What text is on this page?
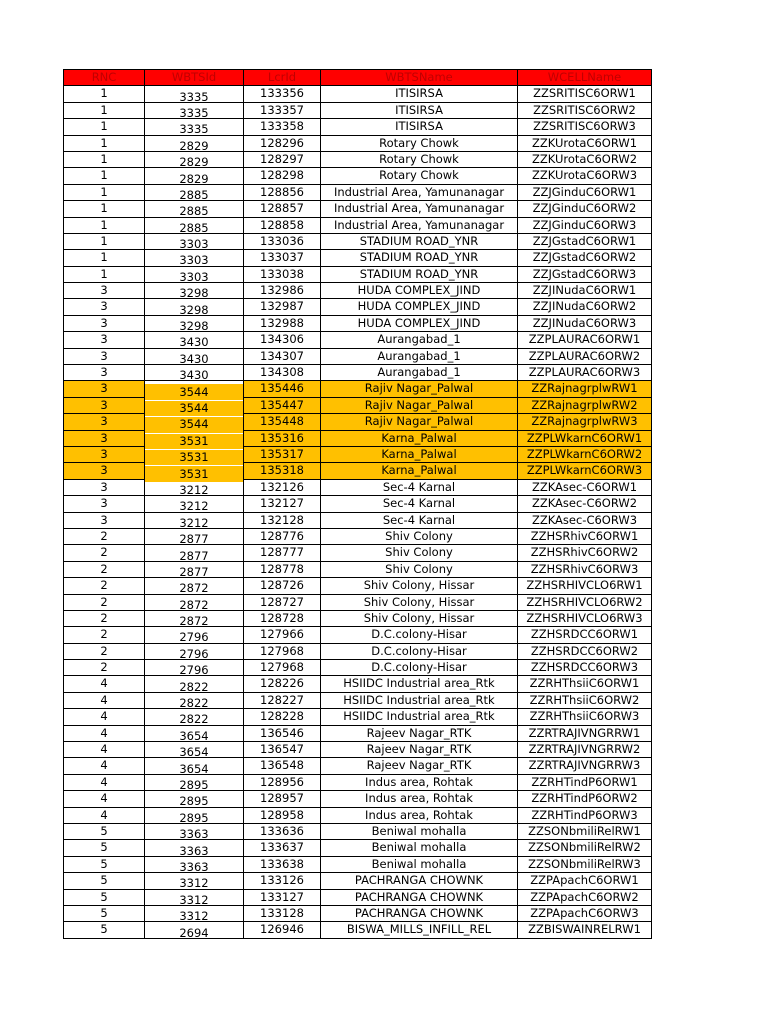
RNC	WBTSId	LcrId	WBTSName	WCELLName
1	3335	133356	ITISIRSA	ZZSRITISC6ORW1
1	3335	133357	ITISIRSA	ZZSRITISC6ORW2
1	3335	133358	ITISIRSA	ZZSRITISC6ORW3
1	2829	128296	Rotary Chowk	ZZKUrotaC6ORW1
1	2829	128297	Rotary Chowk	ZZKUrotaC6ORW2
1	2829	128298	Rotary Chowk	ZZKUrotaC6ORW3
1	2885	128856	Industrial Area, Yamunanagar	ZZJGinduC6ORW1
1	2885	128857	Industrial Area, Yamunanagar	ZZJGinduC6ORW2
1	2885	128858	Industrial Area, Yamunanagar	ZZJGinduC6ORW3
1	3303	133036	STADIUM ROAD_YNR	ZZJGstadC6ORW1
1	3303	133037	STADIUM ROAD_YNR	ZZJGstadC6ORW2
1	3303	133038	STADIUM ROAD_YNR	ZZJGstadC6ORW3
3	3298	132986	HUDA COMPLEX_JIND	ZZJINudaC6ORW1
3	3298	132987	HUDA COMPLEX_JIND	ZZJINudaC6ORW2
3	3298	132988	HUDA COMPLEX_JIND	ZZJINudaC6ORW3
3	3430	134306	Aurangabad_1	ZZPLAURAC6ORW1
3	3430	134307	Aurangabad_1	ZZPLAURAC6ORW2
3	3430	134308	Aurangabad_1	ZZPLAURAC6ORW3
3	3544	135446	Rajiv Nagar_Palwal	ZZRajnagrplwRW1
3	3544	135447	Rajiv Nagar_Palwal	ZZRajnagrplwRW2
3	3544	135448	Rajiv Nagar_Palwal	ZZRajnagrplwRW3
3	3531	135316	Karna_Palwal	ZZPLWkarnC6ORW1
3	3531	135317	Karna_Palwal	ZZPLWkarnC6ORW2
3	3531	135318	Karna_Palwal	ZZPLWkarnC6ORW3
3	3212	132126	Sec-4 Karnal	ZZKAsec-C6ORW1
3	3212	132127	Sec-4 Karnal	ZZKAsec-C6ORW2
3	3212	132128	Sec-4 Karnal	ZZKAsec-C6ORW3
2	2877	128776	Shiv Colony	ZZHSRhivC6ORW1
2	2877	128777	Shiv Colony	ZZHSRhivC6ORW2
2	2877	128778	Shiv Colony	ZZHSRhivC6ORW3
2	2872	128726	Shiv Colony, Hissar	ZZHSRHIVCLO6RW1
2	2872	128727	Shiv Colony, Hissar	ZZHSRHIVCLO6RW2
2	2872	128728	Shiv Colony, Hissar	ZZHSRHIVCLO6RW3
2	2796	127966	D.C.colony-Hisar	ZZHSRDCC6ORW1
2	2796	127968	D.C.colony-Hisar	ZZHSRDCC6ORW2
2	2796	127968	D.C.colony-Hisar	ZZHSRDCC6ORW3
4	2822	128226	HSIIDC Industrial area_Rtk	ZZRHThsiiC6ORW1
4	2822	128227	HSIIDC Industrial area_Rtk	ZZRHThsiiC6ORW2
4	2822	128228	HSIIDC Industrial area_Rtk	ZZRHThsiiC6ORW3
4	3654	136546	Rajeev Nagar_RTK	ZZRTRAJIVNGRRW1
4	3654	136547	Rajeev Nagar_RTK	ZZRTRAJIVNGRRW2
4	3654	136548	Rajeev Nagar_RTK	ZZRTRAJIVNGRRW3
4	2895	128956	Indus area, Rohtak	ZZRHTindP6ORW1
4	2895	128957	Indus area, Rohtak	ZZRHTindP6ORW2
4	2895	128958	Indus area, Rohtak	ZZRHTindP6ORW3
5	3363	133636	Beniwal mohalla	ZZSONbmiliRelRW1
5	3363	133637	Beniwal mohalla	ZZSONbmiliRelRW2
5	3363	133638	Beniwal mohalla	ZZSONbmiliRelRW3
5	3312	133126	PACHRANGA CHOWNK	ZZPApachC6ORW1
5	3312	133127	PACHRANGA CHOWNK	ZZPApachC6ORW2
5	3312	133128	PACHRANGA CHOWNK	ZZPApachC6ORW3
5	2694	126946	BISWA_MILLS_INFILL_REL	ZZBISWAINRELRW1
